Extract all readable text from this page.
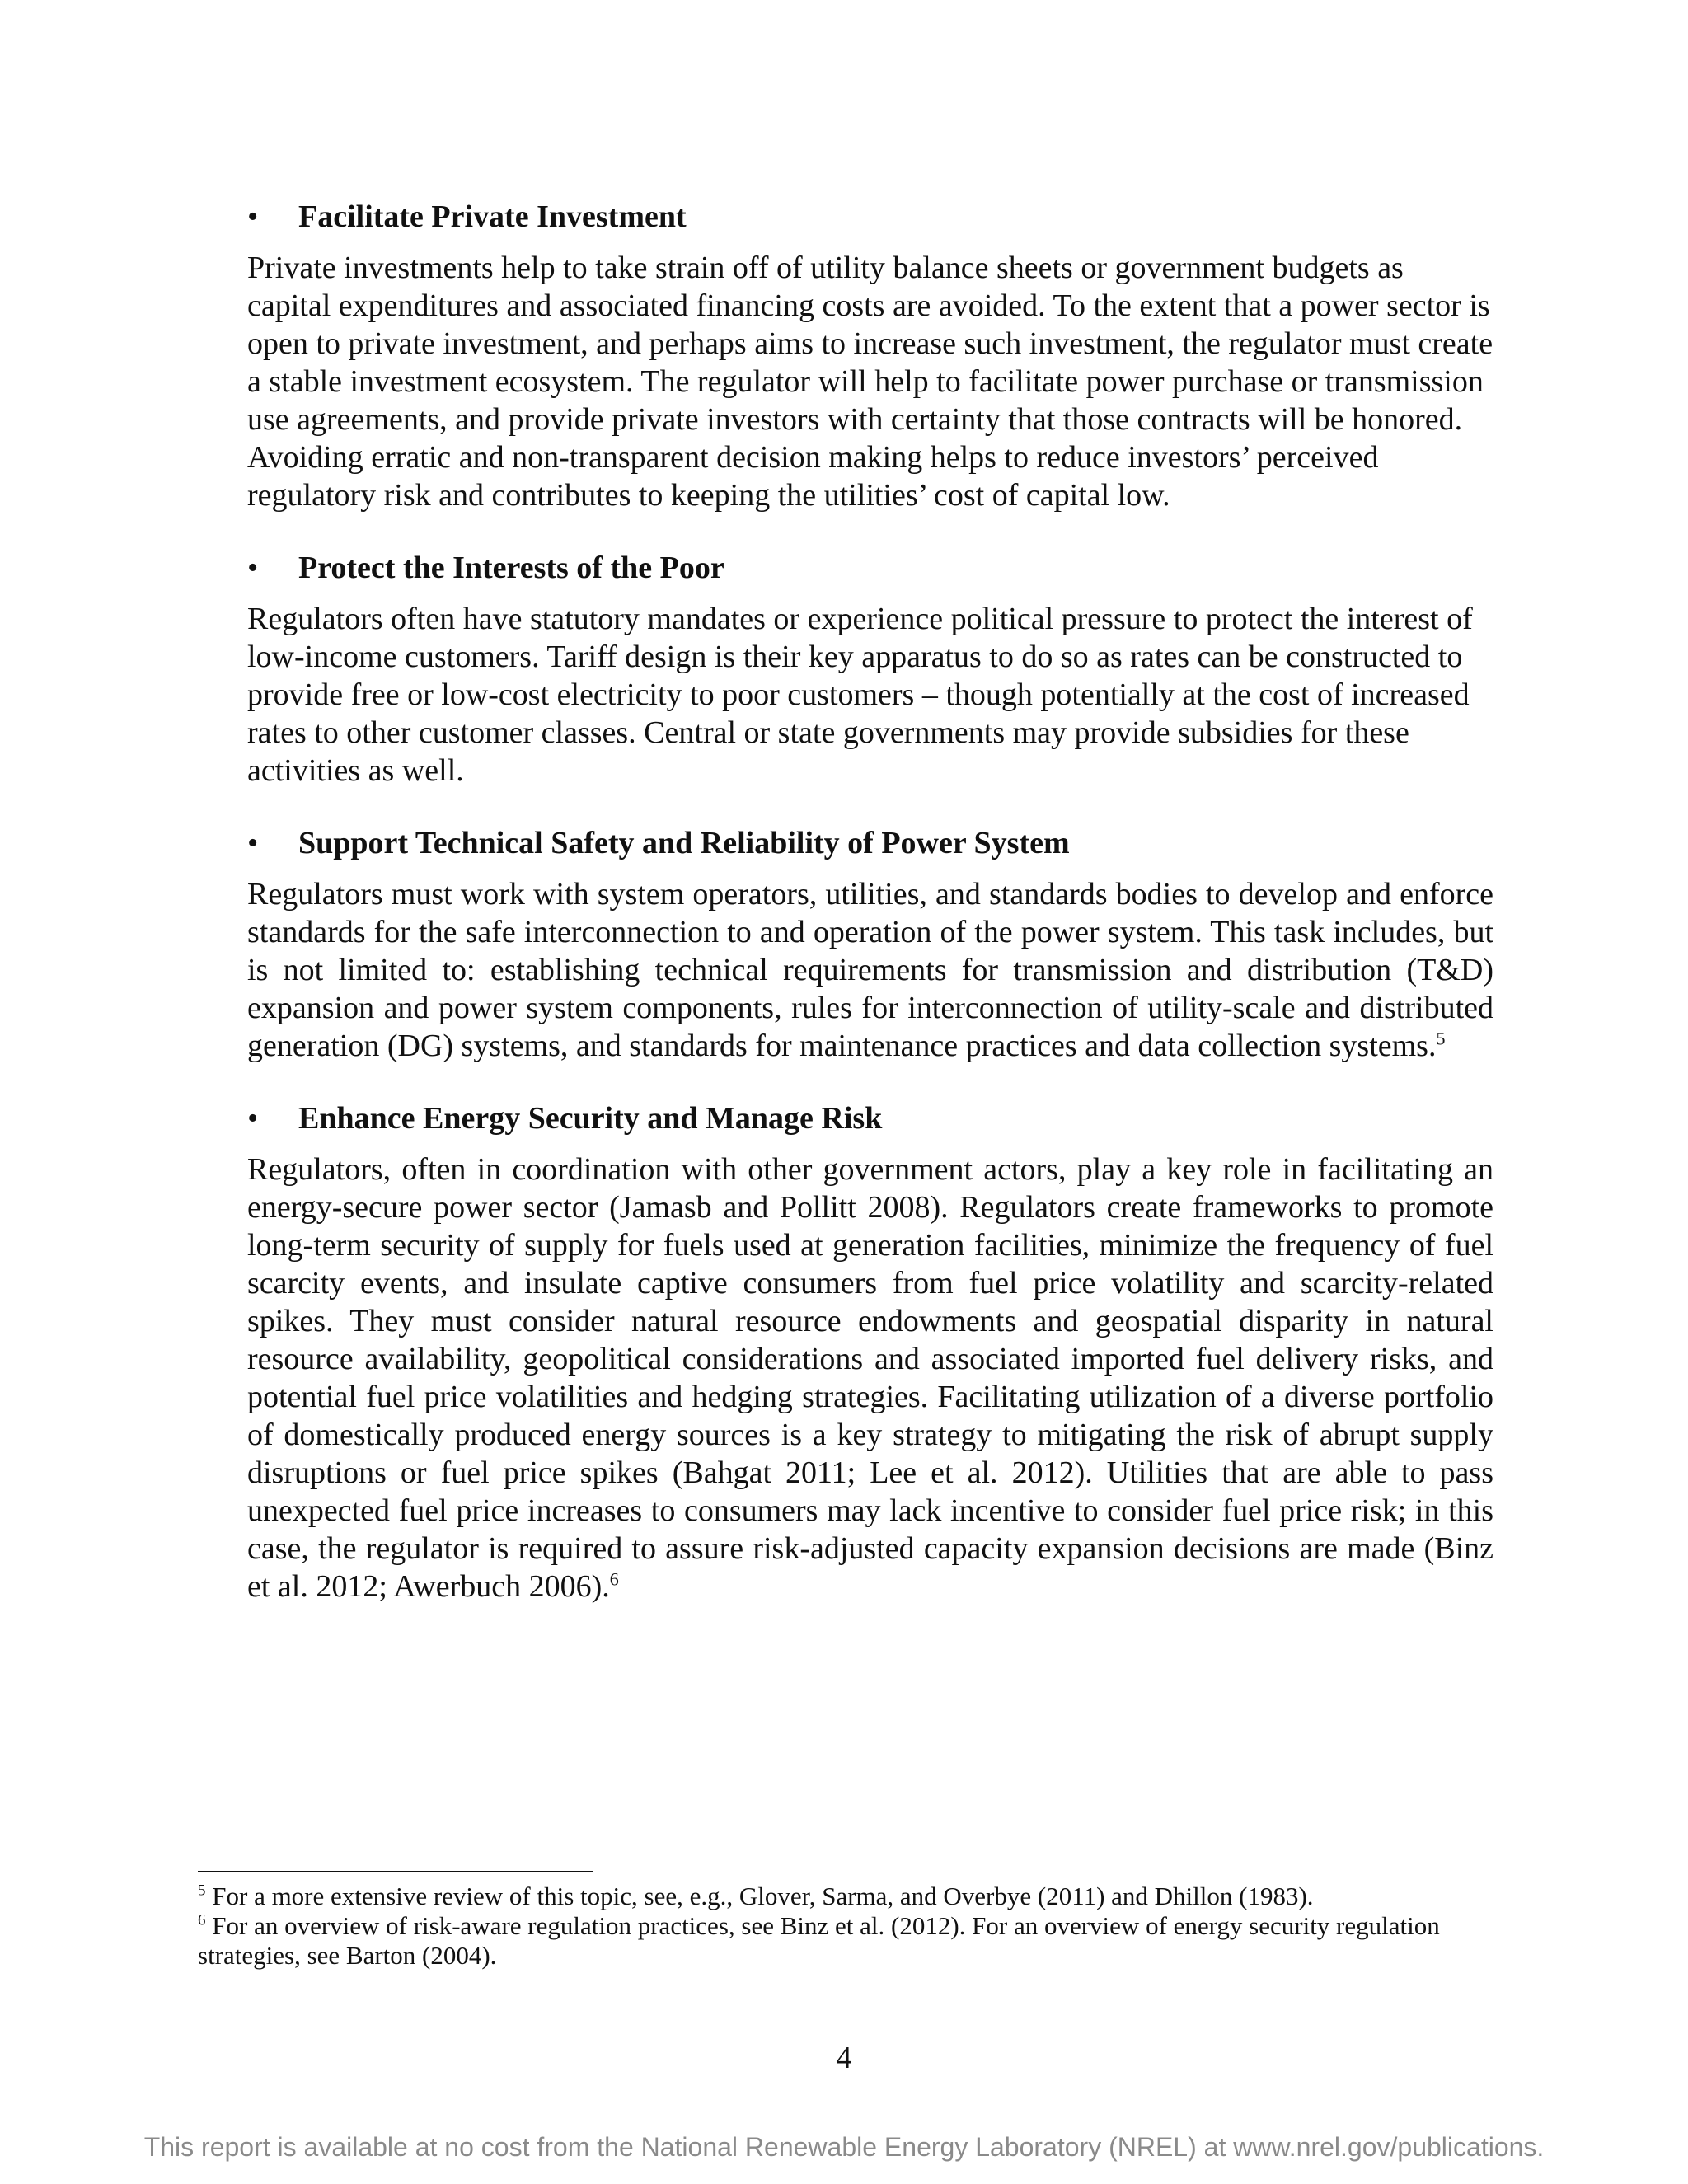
• Facilitate Private Investment

Private investments help to take strain off of utility balance sheets or government budgets as capital expenditures and associated financing costs are avoided. To the extent that a power sector is open to private investment, and perhaps aims to increase such investment, the regulator must create a stable investment ecosystem. The regulator will help to facilitate power purchase or transmission use agreements, and provide private investors with certainty that those contracts will be honored. Avoiding erratic and non-transparent decision making helps to reduce investors’ perceived regulatory risk and contributes to keeping the utilities’ cost of capital low.

• Protect the Interests of the Poor

Regulators often have statutory mandates or experience political pressure to protect the interest of low-income customers. Tariff design is their key apparatus to do so as rates can be constructed to provide free or low-cost electricity to poor customers – though potentially at the cost of increased rates to other customer classes. Central or state governments may provide subsidies for these activities as well.

• Support Technical Safety and Reliability of Power System

Regulators must work with system operators, utilities, and standards bodies to develop and enforce standards for the safe interconnection to and operation of the power system. This task includes, but is not limited to: establishing technical requirements for transmission and distribution (T&D) expansion and power system components, rules for interconnection of utility-scale and distributed generation (DG) systems, and standards for maintenance practices and data collection systems.$^5$

• Enhance Energy Security and Manage Risk

Regulators, often in coordination with other government actors, play a key role in facilitating an energy-secure power sector (Jamasb and Pollitt 2008). Regulators create frameworks to promote long-term security of supply for fuels used at generation facilities, minimize the frequency of fuel scarcity events, and insulate captive consumers from fuel price volatility and scarcity-related spikes. They must consider natural resource endowments and geospatial disparity in natural resource availability, geopolitical considerations and associated imported fuel delivery risks, and potential fuel price volatilities and hedging strategies. Facilitating utilization of a diverse portfolio of domestically produced energy sources is a key strategy to mitigating the risk of abrupt supply disruptions or fuel price spikes (Bahgat 2011; Lee et al. 2012). Utilities that are able to pass unexpected fuel price increases to consumers may lack incentive to consider fuel price risk; in this case, the regulator is required to assure risk-adjusted capacity expansion decisions are made (Binz et al. 2012; Awerbuch 2006).$^6$

$^5$ For a more extensive review of this topic, see, e.g., Glover, Sarma, and Overbye (2011) and Dhillon (1983).

$^6$ For an overview of risk-aware regulation practices, see Binz et al. (2012). For an overview of energy security regulation strategies, see Barton (2004).

4
This report is available at no cost from the National Renewable Energy Laboratory (NREL) at www.nrel.gov/publications.
